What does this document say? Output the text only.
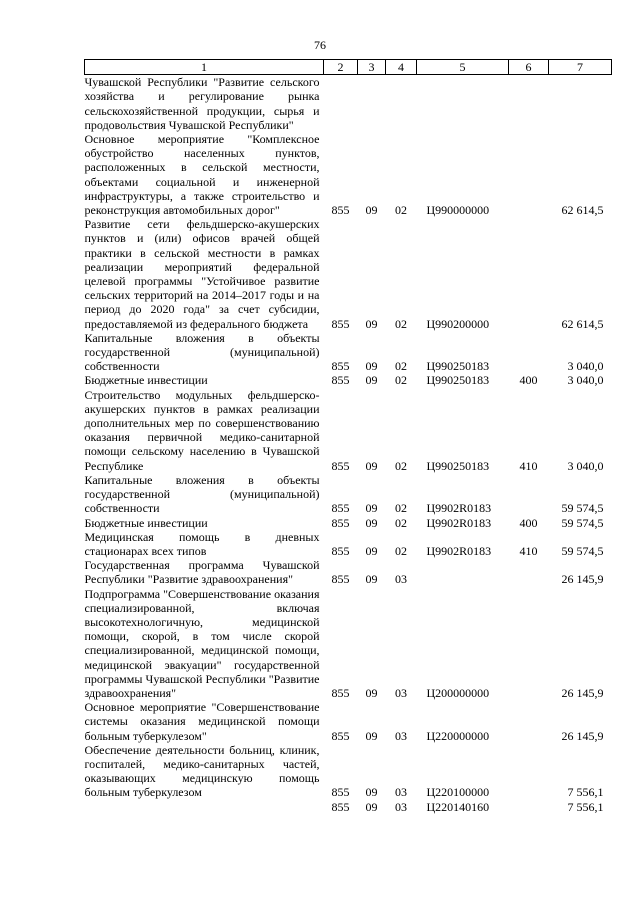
76
1	2	3	4	5	6	7
Чувашской Республики "Развитие сельского хозяйства и регулирование рынка сельскохозяйственной продукции, сырья и продовольствия Чувашской Республики"						
Основное мероприятие "Комплексное обустройство населенных пунктов, расположенных в сельской местности, объектами социальной и инженерной инфраструктуры, а также строительство и реконструкция автомобильных дорог"	855	09	02	Ц990000000		62 614,5
Развитие сети фельдшерско-акушерских пунктов и (или) офисов врачей общей практики в сельской местности в рамках реализации мероприятий федеральной целевой программы "Устойчивое развитие сельских территорий на 2014–2017 годы и на период до 2020 года" за счет субсидии, предоставляемой из федерального бюджета	855	09	02	Ц990200000		62 614,5
Капитальные вложения в объекты государственной (муниципальной) собственности	855	09	02	Ц990250183		3 040,0
Бюджетные инвестиции	855	09	02	Ц990250183	400	3 040,0
Строительство модульных фельдшерско-акушерских пунктов в рамках реализации дополнительных мер по совершенствованию оказания первичной медико-санитарной помощи сельскому населению в Чувашской Республике	855	09	02	Ц990250183	410	3 040,0
Капитальные вложения в объекты государственной (муниципальной) собственности	855	09	02	Ц9902R0183		59 574,5
Бюджетные инвестиции	855	09	02	Ц9902R0183	400	59 574,5
Медицинская помощь в дневных стационарах всех типов	855	09	02	Ц9902R0183	410	59 574,5
Государственная программа Чувашской Республики "Развитие здравоохранения"	855	09	03			26 145,9
Подпрограмма "Совершенствование оказания специализированной, включая высокотехнологичную, медицинской помощи, скорой, в том числе скорой специализированной, медицинской помощи, медицинской эвакуации" государственной программы Чувашской Республики "Развитие здравоохранения"	855	09	03	Ц200000000		26 145,9
Основное мероприятие "Совершенствование системы оказания медицинской помощи больным туберкулезом"	855	09	03	Ц220000000		26 145,9
Обеспечение деятельности больниц, клиник, госпиталей, медико-санитарных частей, оказывающих медицинскую помощь больным туберкулезом	855	09	03	Ц220100000		7 556,1
	855	09	03	Ц220140160		7 556,1
